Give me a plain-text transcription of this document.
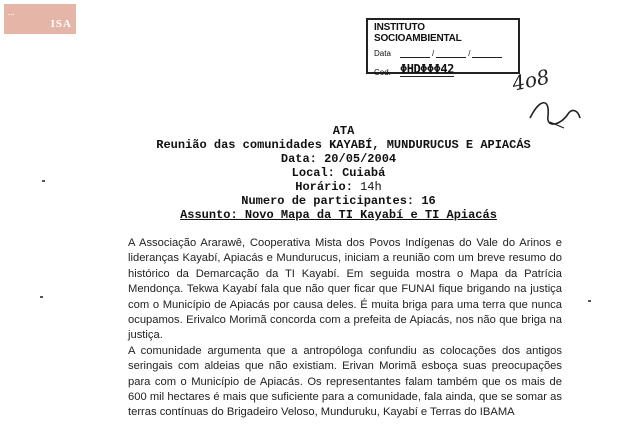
...
ISA	INSTITUTO SOCIOAMBIENTAL
Data	/	/
Cod. ΦHDΦΦΦ42	4o8
ATA
Reunião das comunidades KAYABÍ, MUNDURUCUS E APIACÁS
Data: 20/05/2004
Local: Cuiabá
Horário: 14h
Numero de participantes: 16
Assunto: Novo Mapa da TI Kayabí e TI Apiacás

A Associação Ararawê, Cooperativa Mista dos Povos Indígenas do Vale do Arinos e lideranças Kayabí, Apiacás e Mundurucus, iniciam a reunião com um breve resumo do histórico da Demarcação da TI Kayabí. Em seguida mostra o Mapa da Patrícia Mendonça. Tekwa Kayabí fala que não quer ficar que FUNAI fique brigando na justiça com o Município de Apiacás por causa deles. É muita briga para uma terra que nunca ocupamos. Erivalco Morimã concorda com a prefeita de Apiacás, nos não que briga na justiça.

A comunidade argumenta que a antropóloga confundiu as colocações dos antigos seringais com aldeias que não existiam. Erivan Morimã esboça suas preocupações para com o Município de Apiacás. Os representantes falam também que os mais de 600 mil hectares é mais que suficiente para a comunidade, fala ainda, que se somar as terras contínuas do Brigadeiro Veloso, Munduruku, Kayabí e Terras do IBAMA
